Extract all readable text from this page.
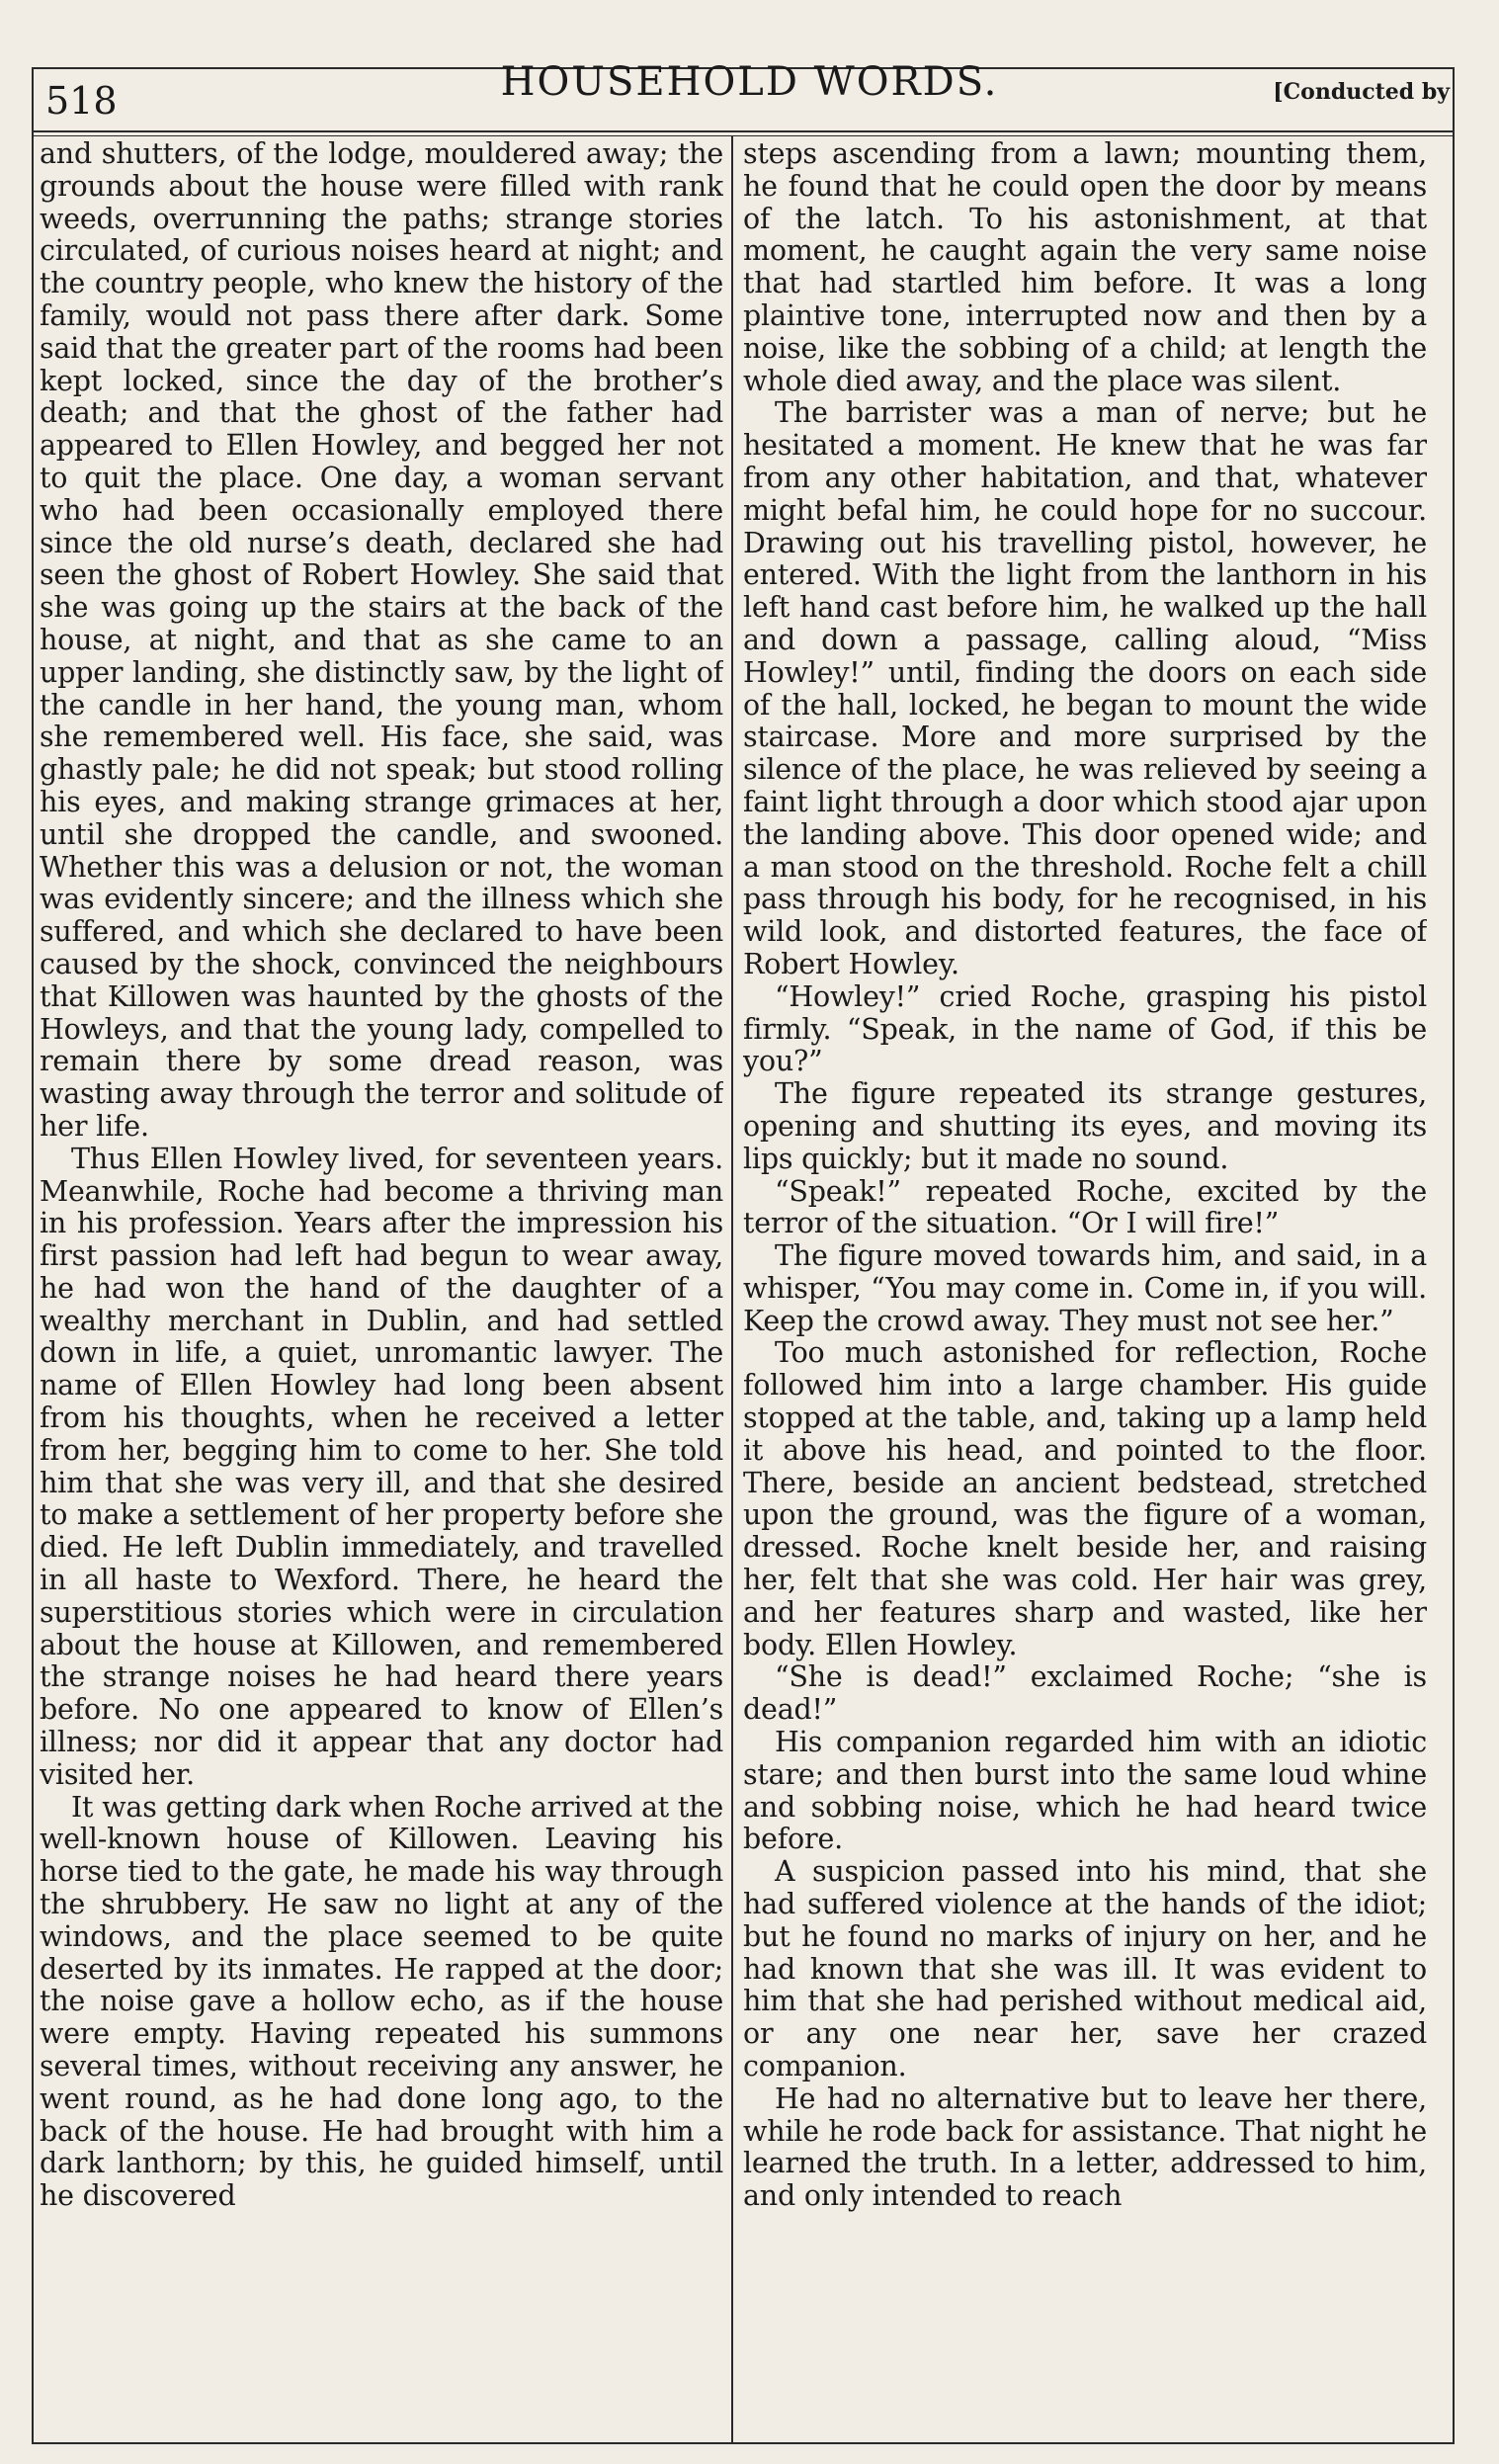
518	HOUSEHOLD WORDS.	[Conducted by

and shutters, of the lodge, mouldered away; the grounds about the house were filled with rank weeds, overrunning the paths; strange stories circulated, of curious noises heard at night; and the country people, who knew the history of the family, would not pass there after dark. Some said that the greater part of the rooms had been kept locked, since the day of the brother’s death; and that the ghost of the father had appeared to Ellen Howley, and begged her not to quit the place. One day, a woman servant who had been occasionally employed there since the old nurse’s death, declared she had seen the ghost of Robert Howley. She said that she was going up the stairs at the back of the house, at night, and that as she came to an upper landing, she distinctly saw, by the light of the candle in her hand, the young man, whom she remembered well. His face, she said, was ghastly pale; he did not speak; but stood rolling his eyes, and making strange grimaces at her, until she dropped the candle, and swooned. Whether this was a delusion or not, the woman was evidently sincere; and the illness which she suffered, and which she declared to have been caused by the shock, convinced the neighbours that Killowen was haunted by the ghosts of the Howleys, and that the young lady, compelled to remain there by some dread reason, was wasting away through the terror and solitude of her life.

Thus Ellen Howley lived, for seventeen years. Meanwhile, Roche had become a thriving man in his profession. Years after the impression his first passion had left had begun to wear away, he had won the hand of the daughter of a wealthy merchant in Dublin, and had settled down in life, a quiet, unromantic lawyer. The name of Ellen Howley had long been absent from his thoughts, when he received a letter from her, begging him to come to her. She told him that she was very ill, and that she desired to make a settlement of her property before she died. He left Dublin immediately, and travelled in all haste to Wexford. There, he heard the superstitious stories which were in circulation about the house at Killowen, and remembered the strange noises he had heard there years before. No one appeared to know of Ellen’s illness; nor did it appear that any doctor had visited her.

It was getting dark when Roche arrived at the well-known house of Killowen. Leaving his horse tied to the gate, he made his way through the shrubbery. He saw no light at any of the windows, and the place seemed to be quite deserted by its inmates. He rapped at the door; the noise gave a hollow echo, as if the house were empty. Having repeated his summons several times, without receiving any answer, he went round, as he had done long ago, to the back of the house. He had brought with him a dark lanthorn; by this, he guided himself, until he discovered

steps ascending from a lawn; mounting them, he found that he could open the door by means of the latch. To his astonishment, at that moment, he caught again the very same noise that had startled him before. It was a long plaintive tone, interrupted now and then by a noise, like the sobbing of a child; at length the whole died away, and the place was silent.

The barrister was a man of nerve; but he hesitated a moment. He knew that he was far from any other habitation, and that, whatever might befal him, he could hope for no succour. Drawing out his travelling pistol, however, he entered. With the light from the lanthorn in his left hand cast before him, he walked up the hall and down a passage, calling aloud, “Miss Howley!” until, finding the doors on each side of the hall, locked, he began to mount the wide staircase. More and more surprised by the silence of the place, he was relieved by seeing a faint light through a door which stood ajar upon the landing above. This door opened wide; and a man stood on the threshold. Roche felt a chill pass through his body, for he recognised, in his wild look, and distorted features, the face of Robert Howley.

“Howley!” cried Roche, grasping his pistol firmly. “Speak, in the name of God, if this be you?”

The figure repeated its strange gestures, opening and shutting its eyes, and moving its lips quickly; but it made no sound.

“Speak!” repeated Roche, excited by the terror of the situation. “Or I will fire!”

The figure moved towards him, and said, in a whisper, “You may come in. Come in, if you will. Keep the crowd away. They must not see her.”

Too much astonished for reflection, Roche followed him into a large chamber. His guide stopped at the table, and, taking up a lamp held it above his head, and pointed to the floor. There, beside an ancient bedstead, stretched upon the ground, was the figure of a woman, dressed. Roche knelt beside her, and raising her, felt that she was cold. Her hair was grey, and her features sharp and wasted, like her body. Ellen Howley.

“She is dead!” exclaimed Roche; “she is dead!”

His companion regarded him with an idiotic stare; and then burst into the same loud whine and sobbing noise, which he had heard twice before.

A suspicion passed into his mind, that she had suffered violence at the hands of the idiot; but he found no marks of injury on her, and he had known that she was ill. It was evident to him that she had perished without medical aid, or any one near her, save her crazed companion.

He had no alternative but to leave her there, while he rode back for assistance. That night he learned the truth. In a letter, addressed to him, and only intended to reach
